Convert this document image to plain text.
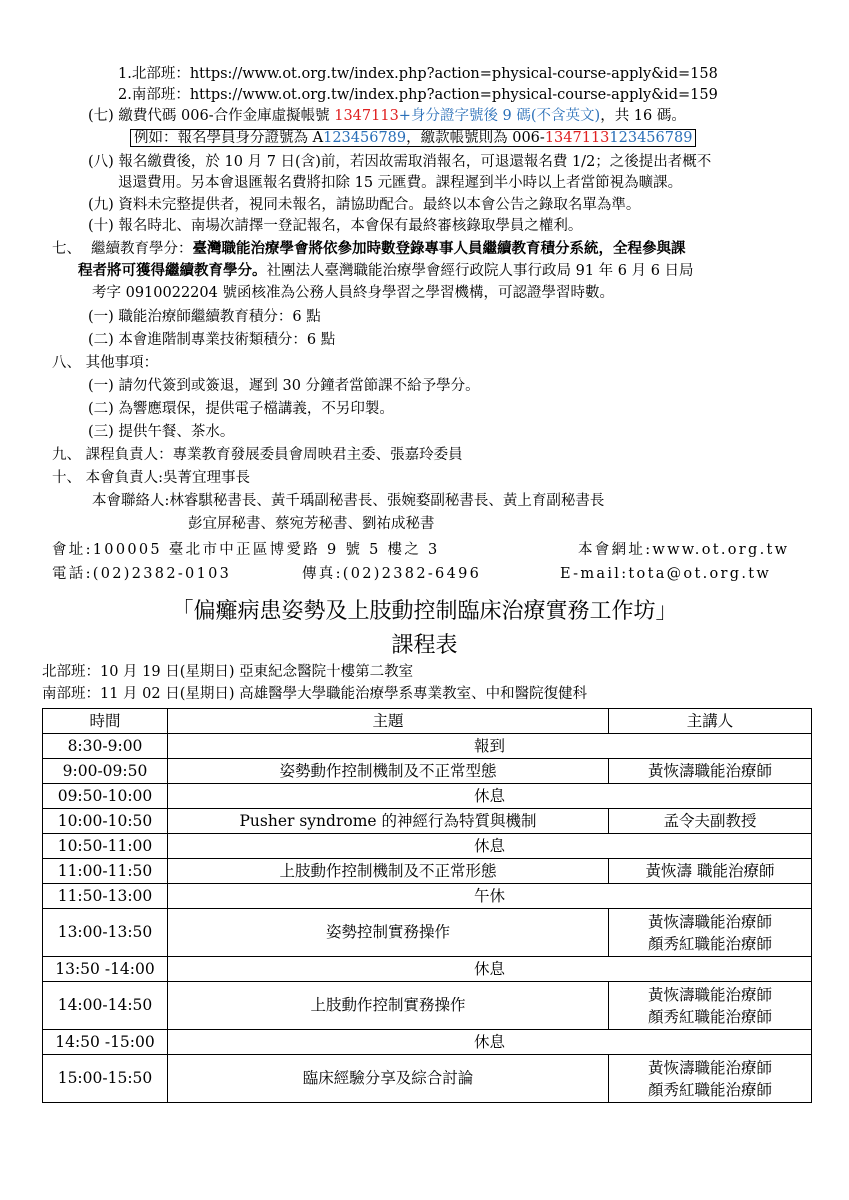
1.北部班：https://www.ot.org.tw/index.php?action=physical-course-apply&id=158
2.南部班：https://www.ot.org.tw/index.php?action=physical-course-apply&id=159
(七) 繳費代碼 006-合作金庫虛擬帳號 1347113+身分證字號後 9 碼(不含英文)，共 16 碼。
例如：報名學員身分證號為 A123456789，繳款帳號則為 006-1347113123456789
(八) 報名繳費後，於 10 月 7 日(含)前，若因故需取消報名，可退還報名費 1/2；之後提出者概不
退還費用。另本會退匯報名費將扣除 15 元匯費。課程遲到半小時以上者當節視為曠課。
(九) 資料未完整提供者，視同未報名，請協助配合。最終以本會公告之錄取名單為準。
(十) 報名時北、南場次請擇一登記報名，本會保有最終審核錄取學員之權利。
七、 繼續教育學分：臺灣職能治療學會將依參加時數登錄專事人員繼續教育積分系統，全程參與課
程者將可獲得繼續教育學分。社團法人臺灣職能治療學會經行政院人事行政局 91 年 6 月 6 日局
考字 0910022204 號函核准為公務人員終身學習之學習機構，可認證學習時數。
(一) 職能治療師繼續教育積分：6 點
(二) 本會進階制專業技術類積分：6 點
八、 其他事項：
(一) 請勿代簽到或簽退，遲到 30 分鐘者當節課不給予學分。
(二) 為響應環保，提供電子檔講義，不另印製。
(三) 提供午餐、茶水。
九、 課程負責人：專業教育發展委員會周映君主委、張嘉玲委員
十、 本會負責人:吳菁宜理事長
本會聯絡人:林睿騏秘書長、黃千瑀副秘書長、張婉婺副秘書長、黃上育副秘書長
彭宜屏秘書、蔡宛芳秘書、劉祐成秘書
會址:100005 臺北市中正區博愛路 9 號 5 樓之 3	本會網址:www.ot.org.tw
電話:(02)2382-0103	傳真:(02)2382-6496	E-mail:tota@ot.org.tw
「偏癱病患姿勢及上肢動控制臨床治療實務工作坊」
課程表
北部班：10 月 19 日(星期日) 亞東紀念醫院十樓第二教室
南部班：11 月 02 日(星期日) 高雄醫學大學職能治療學系專業教室、中和醫院復健科
時間	主題	主講人
8:30-9:00	報到	
9:00-09:50	姿勢動作控制機制及不正常型態	黃恢濤職能治療師

09:50-10:00	休息	
10:00-10:50	Pusher syndrome 的神經行為特質與機制	孟令夫副教授

10:50-11:00	休息	
11:00-11:50	上肢動作控制機制及不正常形態	黃恢濤 職能治療師

11:50-13:00	午休	
13:00-13:50	姿勢控制實務操作	黃恢濤職能治療師
顏秀紅職能治療師

13:50 -14:00	休息	
14:00-14:50	上肢動作控制實務操作	黃恢濤職能治療師
顏秀紅職能治療師

14:50 -15:00	休息	
15:00-15:50	臨床經驗分享及綜合討論	黃恢濤職能治療師
顏秀紅職能治療師
